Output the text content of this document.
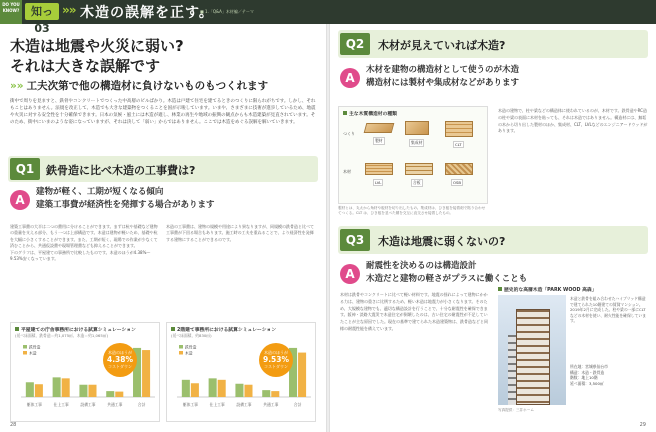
DO YOU KNOW?	知っ03
»» 木造の誤解を正す。
■ 1.「Q&A」木材編／テーマ
木造は地震や火災に弱い?
それは大きな誤解です
»» 工夫次第で他の構造材に負けないものもつくれます
街中で周りを見ますと、鉄骨やコンクリートでつくった中高層のビルばかり。木造は戸建て住宅を建てるときのつくりに限られがちです。しかし、それもことはありません。法規を改正して、木造でも大きな建築物をつくることを国が示唆しています。いまや、さまざまに技術が進歩しているため、地震や火災に対する安全性を十分確保できます。日本の気候・風土には木造が適し、林業の再生や地域の振興の観点からも木造建築が見直されています。そのため、街中にいまのような姿になっていますが、それは決して「弱い」からではありません。ここでは木造をめぐる誤解を解いていきます。
Q1	鉄骨造に比べ木造の工事費は?
A
建物が軽く、工期が短くなる傾向
建築工事費が経済性を発揮する場合があります
建築工事費の大半は二つの費用に分けることができます。まずは杭や基礎など建物の重量を支える部分、もう一つは上部構造です。木造は建物が軽いため、基礎や杭を大幅に小さくすることができます。また、工期が短く、現場での作業が少なくて済むことから、共通仮設費や現場管理費なども抑えることができます。
下のグラフは、平屋建ての事務所で比較したものです。木造のほうが4.38%〜9.53%安くなっています。
木造の工事費は、建物の規模や用途により異なりますが、同規模の鉄骨造と比べて工事費が下回る場合もあります。施工時の工夫を重ねることで、より経済性を発揮する建物にすることができるのです。
平屋建ての庁舎事務所における試算シミュレーション
(延べ床面積、鉄骨造＝約1,075㎡、木造＝約1,065㎡)
躯体工事	仕上工事	設備工事	共通工事	合計
鉄骨造
木造	木造のほうが
4.38%
コストダウン
2階建て事務所における試算シミュレーション
(延べ床面積、約830㎡)
躯体工事	仕上工事	設備工事	共通工事	合計
鉄骨造
木造	木造のほうが
9.53%
コストダウン
28
Q2	木材が見えていれば木造?
A
木材を建物の構造材として使うのが木造
構造材には製材や集成材などがあります
主な木質構造材の種類
つくり
木材
製材	集成材	CLT
LVL	合板	OSB
製材とは、丸太から角材や板材を切り出したもの。集成材は、ひき板を接着剤で貼り合わせてつくる。CLT は、ひき板を並べた層を交互に直交させ接着したもの。
木造の建物で、柱や梁などの構造体に使われているのが、木材です。鉄骨造やRC造の柱や梁の表面に木材を貼っても、それは木造ではありません。構造材には、無垢の木から切り出した製材のほか、集成材、CLT、LVLなどのエンジニアードウッドがあります。
Q3	木造は地震に弱くないの?
A
耐震性を決めるのは構造設計
木造だと建物の軽さがプラスに働くことも
木材は鉄骨やコンクリートに比べて軽い材料です。地震の揺れによって建物にかかる力は、建物の重さに比例するため、軽い木造は地震力が小さくなります。そのため、大規模な建物でも、適切な構造設計を行うことで、十分な耐震性を確保できます。阪神・淡路大震災で木造住宅が倒壊したのは、古い住宅の耐震性が不足していたことが主な原因でした。現在の基準で建てられた木造建築物は、鉄骨造などと同様の耐震性能を備えています。
歴史的な高層木造「PARK WOOD 高森」
木造と鉄骨を組み合わせたハイブリッド構造で建てられた10階建ての賃貸マンション。2019年2月に完成した。柱や梁の一部にCLTなどの木材を使い、耐火性能を確保しています。
所在地：宮城県仙台市
構造：木造・鉄骨造
階数：地上10階
延べ面積：3,500㎡
写真提供：三井ホーム
29
